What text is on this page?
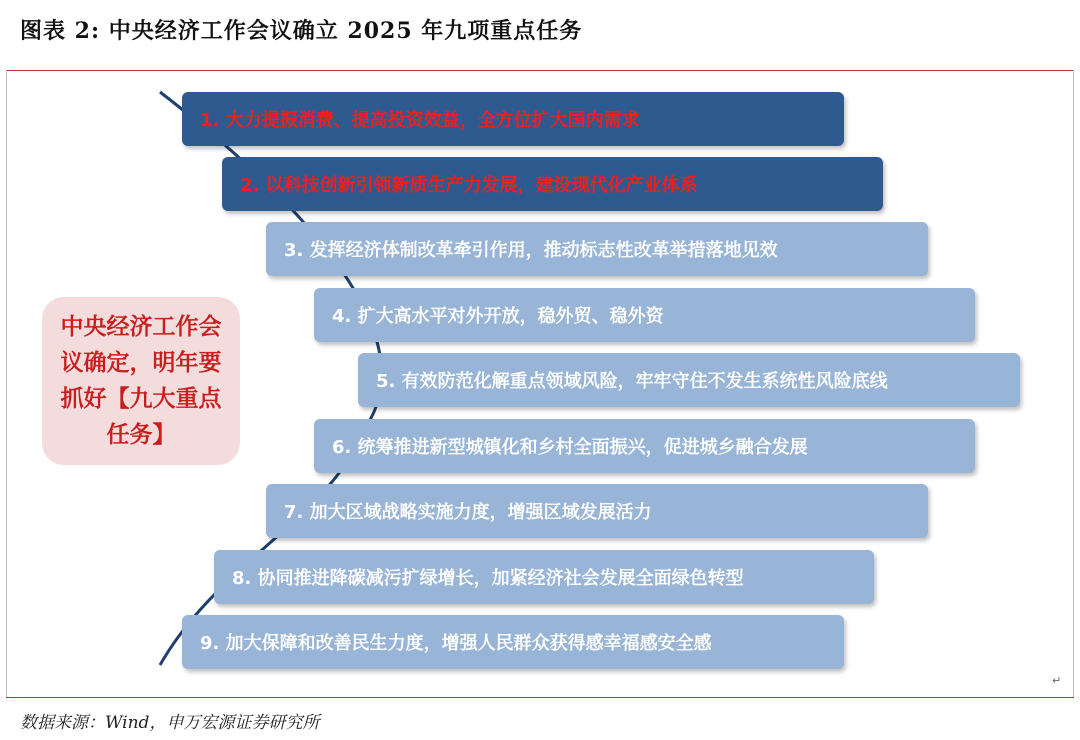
图表 2: 中央经济工作会议确立 2025 年九项重点任务
1. 大力提振消费、提高投资效益，全方位扩大国内需求
2. 以科技创新引领新质生产力发展，建设现代化产业体系
3. 发挥经济体制改革牵引作用，推动标志性改革举措落地见效
4. 扩大高水平对外开放，稳外贸、稳外资
5. 有效防范化解重点领域风险，牢牢守住不发生系统性风险底线
6. 统筹推进新型城镇化和乡村全面振兴，促进城乡融合发展
7. 加大区域战略实施力度，增强区域发展活力
8. 协同推进降碳减污扩绿增长，加紧经济社会发展全面绿色转型
9. 加大保障和改善民生力度，增强人民群众获得感幸福感安全感
中央经济工作会议确定，明年要抓好【九大重点任务】
数据来源：Wind，申万宏源证券研究所
↵
